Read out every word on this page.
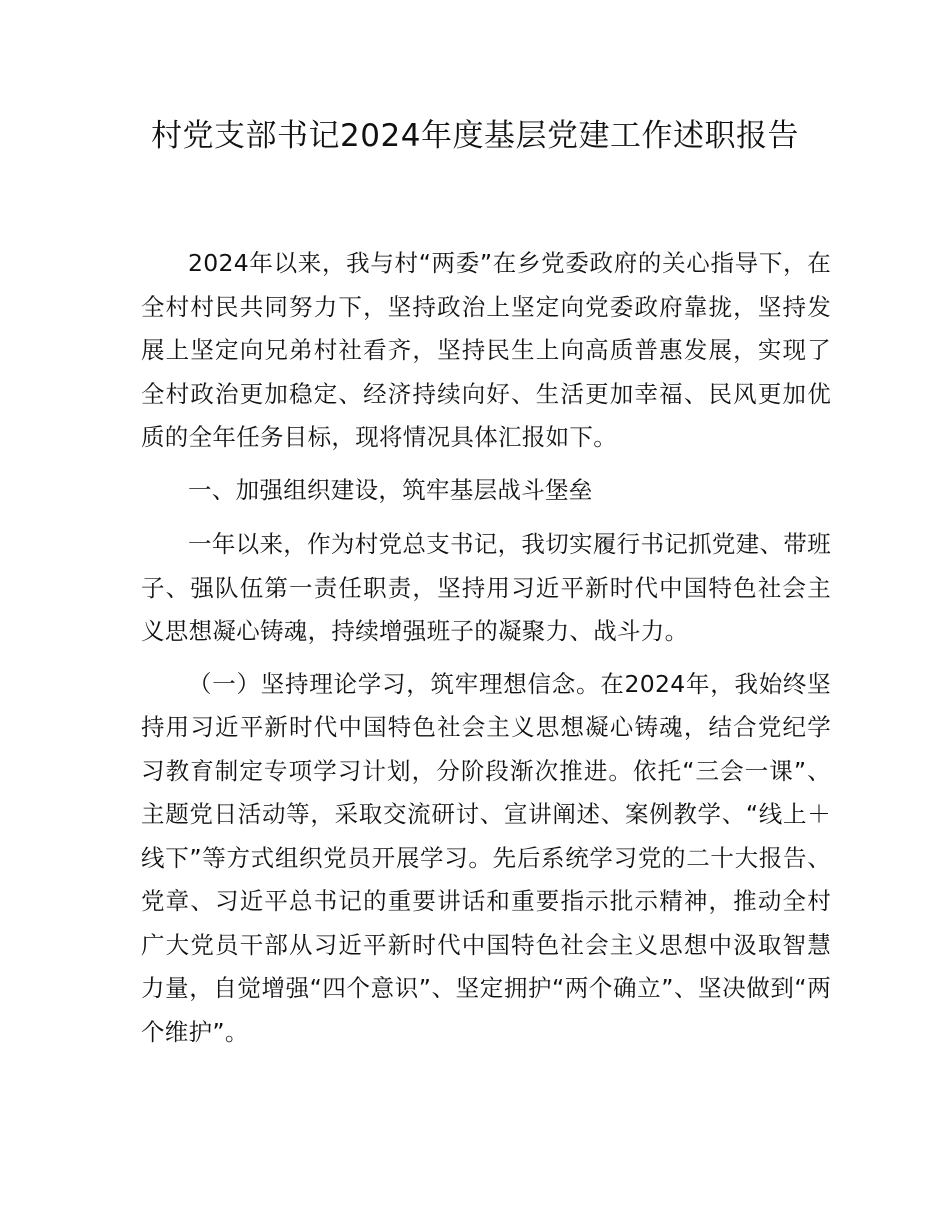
村党支部书记2024年度基层党建工作述职报告

2024年以来，我与村“两委”在乡党委政府的关心指导下，在全村村民共同努力下，坚持政治上坚定向党委政府靠拢，坚持发展上坚定向兄弟村社看齐，坚持民生上向高质普惠发展，实现了全村政治更加稳定、经济持续向好、生活更加幸福、民风更加优质的全年任务目标，现将情况具体汇报如下。

一、加强组织建设，筑牢基层战斗堡垒

一年以来，作为村党总支书记，我切实履行书记抓党建、带班子、强队伍第一责任职责，坚持用习近平新时代中国特色社会主义思想凝心铸魂，持续增强班子的凝聚力、战斗力。

（一）坚持理论学习，筑牢理想信念。在2024年，我始终坚持用习近平新时代中国特色社会主义思想凝心铸魂，结合党纪学习教育制定专项学习计划，分阶段渐次推进。依托“三会一课”、主题党日活动等，采取交流研讨、宣讲阐述、案例教学、“线上＋线下”等方式组织党员开展学习。先后系统学习党的二十大报告、党章、习近平总书记的重要讲话和重要指示批示精神，推动全村广大党员干部从习近平新时代中国特色社会主义思想中汲取智慧力量，自觉增强“四个意识”、坚定拥护“两个确立”、坚决做到“两个维护”。
